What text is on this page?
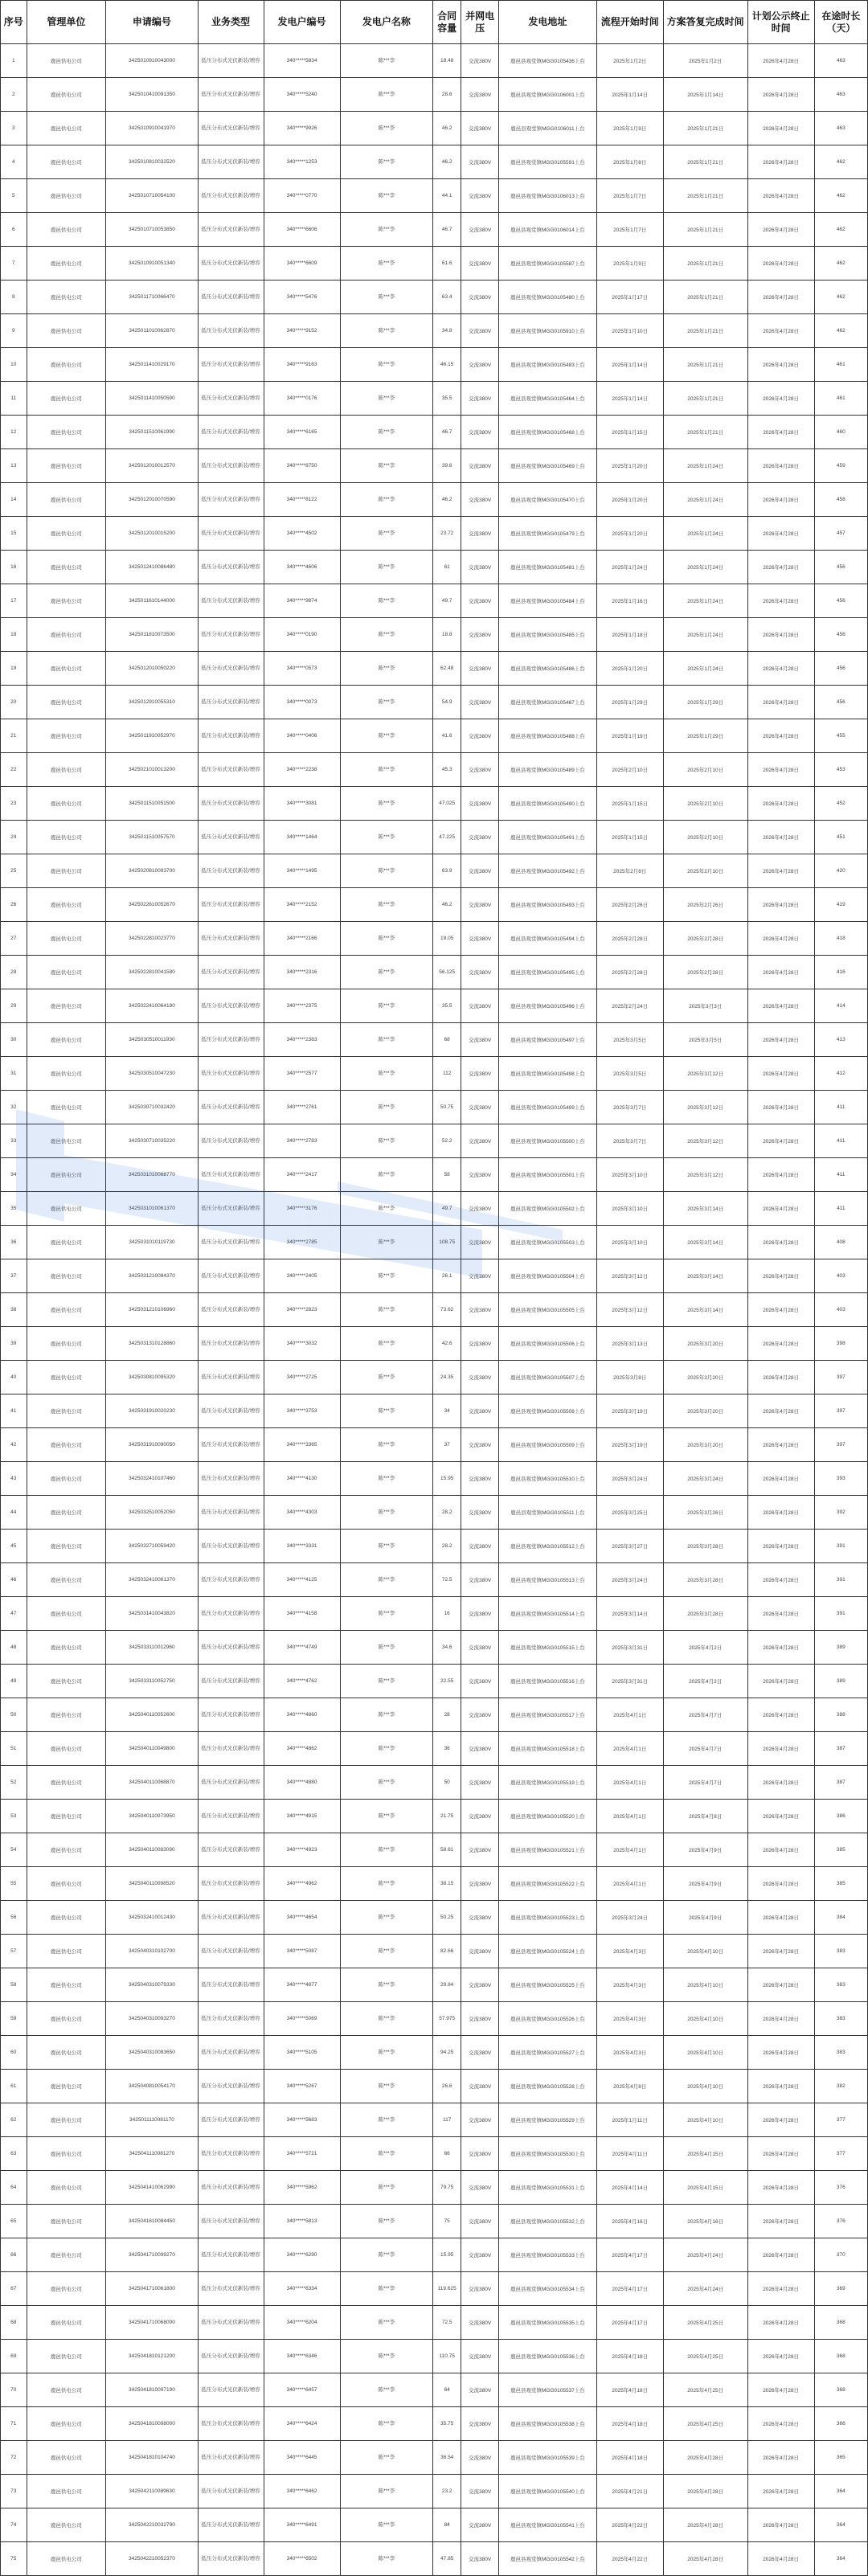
序号	管理单位	申请编号	业务类型	发电户编号	发电户名称	合同容量	并网电压	发电地址	流程开始时间	方案答复完成时间	计划公示终止时间	在途时长（天）
1	鹿邑供电公司	3425010910043000	低压分布式光伏新装/增容	340*****5834	陈***李	18.48	交流380V	鹿邑县观堂镇MGG0105436上台	2025年1月2日	2025年1月2日	2026年4月28日	463
2	鹿邑供电公司	3425010410091350	低压分布式光伏新装/增容	340*****5240	陈***李	28.6	交流380V	鹿邑县观堂镇MGG0106001上台	2025年1月14日	2025年1月14日	2026年4月28日	463
3	鹿邑供电公司	3425010910041970	低压分布式光伏新装/增容	340*****9926	陈***李	46.2	交流380V	鹿邑县观堂镇MGG0106011上台	2025年1月9日	2025年1月21日	2026年4月28日	463
4	鹿邑供电公司	3425010810032520	低压分布式光伏新装/增容	340*****1253	陈***李	46.2	交流380V	鹿邑县观堂镇MGG0105591上台	2025年1月8日	2025年1月21日	2026年4月28日	462
5	鹿邑供电公司	3425010710054100	低压分布式光伏新装/增容	340*****0770	陈***李	44.1	交流380V	鹿邑县观堂镇MGG0106013上台	2025年1月7日	2025年1月21日	2026年4月28日	462
6	鹿邑供电公司	3425010710053850	低压分布式光伏新装/增容	340*****6606	陈***李	46.7	交流380V	鹿邑县观堂镇MGG0106014上台	2025年1月7日	2025年1月21日	2026年4月28日	462
7	鹿邑供电公司	3425010910051340	低压分布式光伏新装/增容	340*****6609	陈***李	61.6	交流380V	鹿邑县观堂镇MGG0105587上台	2025年1月9日	2025年1月21日	2026年4月28日	462
8	鹿邑供电公司	3425011710066470	低压分布式光伏新装/增容	340*****5476	陈***李	63.4	交流380V	鹿邑县观堂镇MGG0105480上台	2025年1月17日	2025年1月21日	2026年4月28日	462
9	鹿邑供电公司	3425011010062870	低压分布式光伏新装/增容	340*****9152	陈***李	34.8	交流380V	鹿邑县观堂镇MGG0105910上台	2025年1月10日	2025年1月21日	2026年4月28日	462
10	鹿邑供电公司	3425011410029170	低压分布式光伏新装/增容	340*****9163	陈***李	46.15	交流380V	鹿邑县观堂镇MGG0105483上台	2025年1月14日	2025年1月21日	2026年4月28日	461
11	鹿邑供电公司	3425011410050590	低压分布式光伏新装/增容	340*****0176	陈***李	35.5	交流380V	鹿邑县观堂镇MGG0105464上台	2025年1月14日	2025年1月21日	2026年4月28日	461
12	鹿邑供电公司	3425011510061990	低压分布式光伏新装/增容	340*****6165	陈***李	46.7	交流380V	鹿邑县观堂镇MGG0105468上台	2025年1月15日	2025年1月21日	2026年4月28日	460
13	鹿邑供电公司	3425012010012570	低压分布式光伏新装/增容	340*****8750	陈***李	39.6	交流380V	鹿邑县观堂镇MGG0105469上台	2025年1月20日	2025年1月24日	2026年4月28日	459
14	鹿邑供电公司	3425012010070590	低压分布式光伏新装/增容	340*****8122	陈***李	46.2	交流380V	鹿邑县观堂镇MGG0105470上台	2025年1月20日	2025年1月24日	2026年4月28日	458
15	鹿邑供电公司	3425012010015200	低压分布式光伏新装/增容	340*****4502	陈***李	23.72	交流380V	鹿邑县观堂镇MGG0105479上台	2025年1月20日	2025年1月24日	2026年4月28日	457
16	鹿邑供电公司	3425012410086480	低压分布式光伏新装/增容	340*****4606	陈***李	61	交流380V	鹿邑县观堂镇MGG0105481上台	2025年1月24日	2025年1月24日	2026年4月28日	456
17	鹿邑供电公司	3425011610144000	低压分布式光伏新装/增容	340*****9874	陈***李	49.7	交流380V	鹿邑县观堂镇MGG0105484上台	2025年1月16日	2025年1月24日	2026年4月28日	456
18	鹿邑供电公司	3425011810073500	低压分布式光伏新装/增容	340*****0190	陈***李	18.8	交流380V	鹿邑县观堂镇MGG0105485上台	2025年1月18日	2025年1月24日	2026年4月28日	456
19	鹿邑供电公司	3425012010050220	低压分布式光伏新装/增容	340*****0573	陈***李	62.48	交流380V	鹿邑县观堂镇MGG0105486上台	2025年1月20日	2025年1月24日	2026年4月28日	456
20	鹿邑供电公司	3425012910055310	低压分布式光伏新装/增容	340*****0073	陈***李	54.9	交流380V	鹿邑县观堂镇MGG0105487上台	2025年1月29日	2025年1月29日	2026年4月28日	456
21	鹿邑供电公司	3425011910052970	低压分布式光伏新装/增容	340*****0406	陈***李	41.6	交流380V	鹿邑县观堂镇MGG0105488上台	2025年1月19日	2025年1月29日	2026年4月28日	455
22	鹿邑供电公司	3425021010013200	低压分布式光伏新装/增容	340*****2238	陈***李	45.3	交流380V	鹿邑县观堂镇MGG0105489上台	2025年2月10日	2025年2月10日	2026年4月28日	453
23	鹿邑供电公司	3425011510051500	低压分布式光伏新装/增容	340*****3081	陈***李	47.025	交流380V	鹿邑县观堂镇MGG0105490上台	2025年1月15日	2025年2月10日	2026年4月28日	452
24	鹿邑供电公司	3425011510057570	低压分布式光伏新装/增容	340*****1464	陈***李	47.225	交流380V	鹿邑县观堂镇MGG0105491上台	2025年1月15日	2025年2月10日	2026年4月28日	451
25	鹿邑供电公司	3425020810093700	低压分布式光伏新装/增容	340*****1495	陈***李	63.9	交流380V	鹿邑县观堂镇MGG0105492上台	2025年2月8日	2025年2月10日	2026年4月28日	420
26	鹿邑供电公司	3425022610052670	低压分布式光伏新装/增容	340*****2152	陈***李	46.2	交流380V	鹿邑县观堂镇MGG0105493上台	2025年2月26日	2025年2月26日	2026年4月28日	419
27	鹿邑供电公司	3425022810023770	低压分布式光伏新装/增容	340*****2166	陈***李	19.05	交流380V	鹿邑县观堂镇MGG0105494上台	2025年2月28日	2025年2月28日	2026年4月28日	418
28	鹿邑供电公司	3425022810041580	低压分布式光伏新装/增容	340*****2316	陈***李	56.125	交流380V	鹿邑县观堂镇MGG0105495上台	2025年2月28日	2025年2月28日	2026年4月28日	416
29	鹿邑供电公司	3425022410064180	低压分布式光伏新装/增容	340*****2375	陈***李	35.5	交流380V	鹿邑县观堂镇MGG0105496上台	2025年2月24日	2025年3月3日	2026年4月28日	414
30	鹿邑供电公司	3425030510011930	低压分布式光伏新装/增容	340*****2383	陈***李	68	交流380V	鹿邑县观堂镇MGG0105497上台	2025年3月5日	2025年3月5日	2026年4月28日	413
31	鹿邑供电公司	3425030510047230	低压分布式光伏新装/增容	340*****2577	陈***李	112	交流380V	鹿邑县观堂镇MGG0105498上台	2025年3月5日	2025年3月12日	2026年4月28日	412
32	鹿邑供电公司	3425030710032420	低压分布式光伏新装/增容	340*****2761	陈***李	50.75	交流380V	鹿邑县观堂镇MGG0105499上台	2025年3月7日	2025年3月12日	2026年4月28日	411
33	鹿邑供电公司	3425030710035220	低压分布式光伏新装/增容	340*****2783	陈***李	52.2	交流380V	鹿邑县观堂镇MGG0105500上台	2025年3月7日	2025年3月12日	2026年4月28日	411
34	鹿邑供电公司	3425031010068770	低压分布式光伏新装/增容	340*****2417	陈***李	58	交流380V	鹿邑县观堂镇MGG0105501上台	2025年3月10日	2025年3月12日	2026年4月28日	411
35	鹿邑供电公司	3425031010061370	低压分布式光伏新装/增容	340*****3176	陈***李	49.7	交流380V	鹿邑县观堂镇MGG0105502上台	2025年3月10日	2025年3月14日	2026年4月28日	411
36	鹿邑供电公司	3425031010119730	低压分布式光伏新装/增容	340*****2785	陈***李	108.75	交流380V	鹿邑县观堂镇MGG0105503上台	2025年3月10日	2025年3月14日	2026年4月28日	408
37	鹿邑供电公司	3425031210084370	低压分布式光伏新装/增容	340*****2405	陈***李	26.1	交流380V	鹿邑县观堂镇MGG0105504上台	2025年3月12日	2025年3月14日	2026年4月28日	403
38	鹿邑供电公司	3425031210106960	低压分布式光伏新装/增容	340*****2823	陈***李	73.62	交流380V	鹿邑县观堂镇MGG0105505上台	2025年3月12日	2025年3月14日	2026年4月28日	403
39	鹿邑供电公司	3425031310128860	低压分布式光伏新装/增容	340*****3032	陈***李	42.6	交流380V	鹿邑县观堂镇MGG0105506上台	2025年3月13日	2025年3月20日	2026年4月28日	398
40	鹿邑供电公司	3425030810095320	低压分布式光伏新装/增容	340*****2725	陈***李	24.35	交流380V	鹿邑县观堂镇MGG0105507上台	2025年3月8日	2025年3月20日	2026年4月28日	397
41	鹿邑供电公司	3425031910020230	低压分布式光伏新装/增容	340*****3753	陈***李	34	交流380V	鹿邑县观堂镇MGG0105508上台	2025年3月19日	2025年3月20日	2026年4月28日	397
42	鹿邑供电公司	3425031910090050	低压分布式光伏新装/增容	340*****3365	陈***李	37	交流380V	鹿邑县观堂镇MGG0105509上台	2025年3月19日	2025年3月20日	2026年4月28日	397
43	鹿邑供电公司	3425032410107460	低压分布式光伏新装/增容	340*****4130	陈***李	15.95	交流380V	鹿邑县观堂镇MGG0105510上台	2025年3月24日	2025年3月24日	2026年4月28日	393
44	鹿邑供电公司	3425032510052050	低压分布式光伏新装/增容	340*****4303	陈***李	28.2	交流380V	鹿邑县观堂镇MGG0105511上台	2025年3月25日	2025年3月26日	2026年4月28日	392
45	鹿邑供电公司	3425032710059420	低压分布式光伏新装/增容	340*****3331	陈***李	28.2	交流380V	鹿邑县观堂镇MGG0105512上台	2025年3月27日	2025年3月28日	2026年4月28日	391
46	鹿邑供电公司	3425032410061370	低压分布式光伏新装/增容	340*****4125	陈***李	72.5	交流380V	鹿邑县观堂镇MGG0105513上台	2025年3月24日	2025年3月28日	2026年4月28日	391
47	鹿邑供电公司	3425031410043820	低压分布式光伏新装/增容	340*****4158	陈***李	16	交流380V	鹿邑县观堂镇MGG0105514上台	2025年3月14日	2025年3月28日	2026年4月28日	391
48	鹿邑供电公司	3425033110012960	低压分布式光伏新装/增容	340*****4749	陈***李	34.6	交流380V	鹿邑县观堂镇MGG0105515上台	2025年3月31日	2025年4月2日	2026年4月28日	389
49	鹿邑供电公司	3425033110052750	低压分布式光伏新装/增容	340*****4762	陈***李	22.55	交流380V	鹿邑县观堂镇MGG0105516上台	2025年3月31日	2025年4月2日	2026年4月28日	389
50	鹿邑供电公司	3425040110052600	低压分布式光伏新装/增容	340*****4860	陈***李	28	交流380V	鹿邑县观堂镇MGG0105517上台	2025年4月1日	2025年4月7日	2026年4月28日	388
51	鹿邑供电公司	3425040110049800	低压分布式光伏新装/增容	340*****4862	陈***李	36	交流380V	鹿邑县观堂镇MGG0105518上台	2025年4月1日	2025年4月7日	2026年4月28日	387
52	鹿邑供电公司	3425040110068870	低压分布式光伏新装/增容	340*****4880	陈***李	50	交流380V	鹿邑县观堂镇MGG0105519上台	2025年4月1日	2025年4月7日	2026年4月28日	387
53	鹿邑供电公司	3425040110073950	低压分布式光伏新装/增容	340*****4915	陈***李	21.75	交流380V	鹿邑县观堂镇MGG0105520上台	2025年4月1日	2025年4月8日	2026年4月28日	386
54	鹿邑供电公司	3425040110083090	低压分布式光伏新装/增容	340*****4923	陈***李	58.61	交流380V	鹿邑县观堂镇MGG0105521上台	2025年4月1日	2025年4月9日	2026年4月28日	385
55	鹿邑供电公司	3425040110098520	低压分布式光伏新装/增容	340*****4962	陈***李	38.15	交流380V	鹿邑县观堂镇MGG0105522上台	2025年4月1日	2025年4月9日	2026年4月28日	385
56	鹿邑供电公司	3425032410012430	低压分布式光伏新装/增容	340*****4654	陈***李	50.25	交流380V	鹿邑县观堂镇MGG0105523上台	2025年3月24日	2025年4月9日	2026年4月28日	384
57	鹿邑供电公司	3425040310102700	低压分布式光伏新装/增容	340*****5087	陈***李	82.66	交流380V	鹿邑县观堂镇MGG0105524上台	2025年4月3日	2025年4月10日	2026年4月28日	383
58	鹿邑供电公司	3425040310079330	低压分布式光伏新装/增容	340*****4877	陈***李	29.84	交流380V	鹿邑县观堂镇MGG0105525上台	2025年4月3日	2025年4月10日	2026年4月28日	383
59	鹿邑供电公司	3425040310093270	低压分布式光伏新装/增容	340*****5069	陈***李	57.975	交流380V	鹿邑县观堂镇MGG0105526上台	2025年4月3日	2025年4月10日	2026年4月28日	383
60	鹿邑供电公司	3425040310083650	低压分布式光伏新装/增容	340*****5105	陈***李	94.25	交流380V	鹿邑县观堂镇MGG0105527上台	2025年4月3日	2025年4月10日	2026年4月28日	383
61	鹿邑供电公司	3425040810054170	低压分布式光伏新装/增容	340*****5267	陈***李	26.6	交流380V	鹿邑县观堂镇MGG0105528上台	2025年4月8日	2025年4月10日	2026年4月28日	382
62	鹿邑供电公司	3425011110081170	低压分布式光伏新装/增容	340*****5683	陈***李	117	交流380V	鹿邑县观堂镇MGG0105529上台	2025年1月11日	2025年4月10日	2026年4月28日	377
63	鹿邑供电公司	3425041110081270	低压分布式光伏新装/增容	340*****5721	陈***李	66	交流380V	鹿邑县观堂镇MGG0105530上台	2025年4月11日	2025年4月15日	2026年4月28日	377
64	鹿邑供电公司	3425041410062990	低压分布式光伏新装/增容	340*****5962	陈***李	79.75	交流380V	鹿邑县观堂镇MGG0105531上台	2025年4月14日	2025年4月15日	2026年4月28日	376
65	鹿邑供电公司	3425041610084450	低压分布式光伏新装/增容	340*****5813	陈***李	75	交流380V	鹿邑县观堂镇MGG0105532上台	2025年4月16日	2025年4月16日	2026年4月28日	376
66	鹿邑供电公司	3425041710099270	低压分布式光伏新装/增容	340*****6290	陈***李	15.95	交流380V	鹿邑县观堂镇MGG0105533上台	2025年4月17日	2025年4月24日	2026年4月28日	370
67	鹿邑供电公司	3425041710061800	低压分布式光伏新装/增容	340*****6334	陈***李	119.625	交流380V	鹿邑县观堂镇MGG0105534上台	2025年4月17日	2025年4月24日	2026年4月28日	369
68	鹿邑供电公司	3425041710068000	低压分布式光伏新装/增容	340*****6204	陈***李	72.5	交流380V	鹿邑县观堂镇MGG0105535上台	2025年4月17日	2025年4月25日	2026年4月28日	368
69	鹿邑供电公司	3425041810121200	低压分布式光伏新装/增容	340*****6346	陈***李	110.75	交流380V	鹿邑县观堂镇MGG0105536上台	2025年4月18日	2025年4月25日	2026年4月28日	368
70	鹿邑供电公司	3425041810097190	低压分布式光伏新装/增容	340*****6457	陈***李	64	交流380V	鹿邑县观堂镇MGG0105537上台	2025年4月18日	2025年4月25日	2026年4月28日	368
71	鹿邑供电公司	3425041810098000	低压分布式光伏新装/增容	340*****6424	陈***李	35.75	交流380V	鹿邑县观堂镇MGG0105538上台	2025年4月18日	2025年4月25日	2026年4月28日	366
72	鹿邑供电公司	3425041810104740	低压分布式光伏新装/增容	340*****6445	陈***李	36.54	交流380V	鹿邑县观堂镇MGG0105539上台	2025年4月18日	2025年4月28日	2026年4月28日	365
73	鹿邑供电公司	3425042110089630	低压分布式光伏新装/增容	340*****6462	陈***李	23.2	交流380V	鹿邑县观堂镇MGG0105540上台	2025年4月21日	2025年4月28日	2026年4月28日	364
74	鹿邑供电公司	3425042210032790	低压分布式光伏新装/增容	340*****6491	陈***李	84	交流380V	鹿邑县观堂镇MGG0105541上台	2025年4月22日	2025年4月28日	2026年4月28日	364
75	鹿邑供电公司	3425042210052370	低压分布式光伏新装/增容	340*****6502	陈***李	47.85	交流380V	鹿邑县观堂镇MGG0105542上台	2025年4月22日	2025年4月28日	2026年4月28日	364
